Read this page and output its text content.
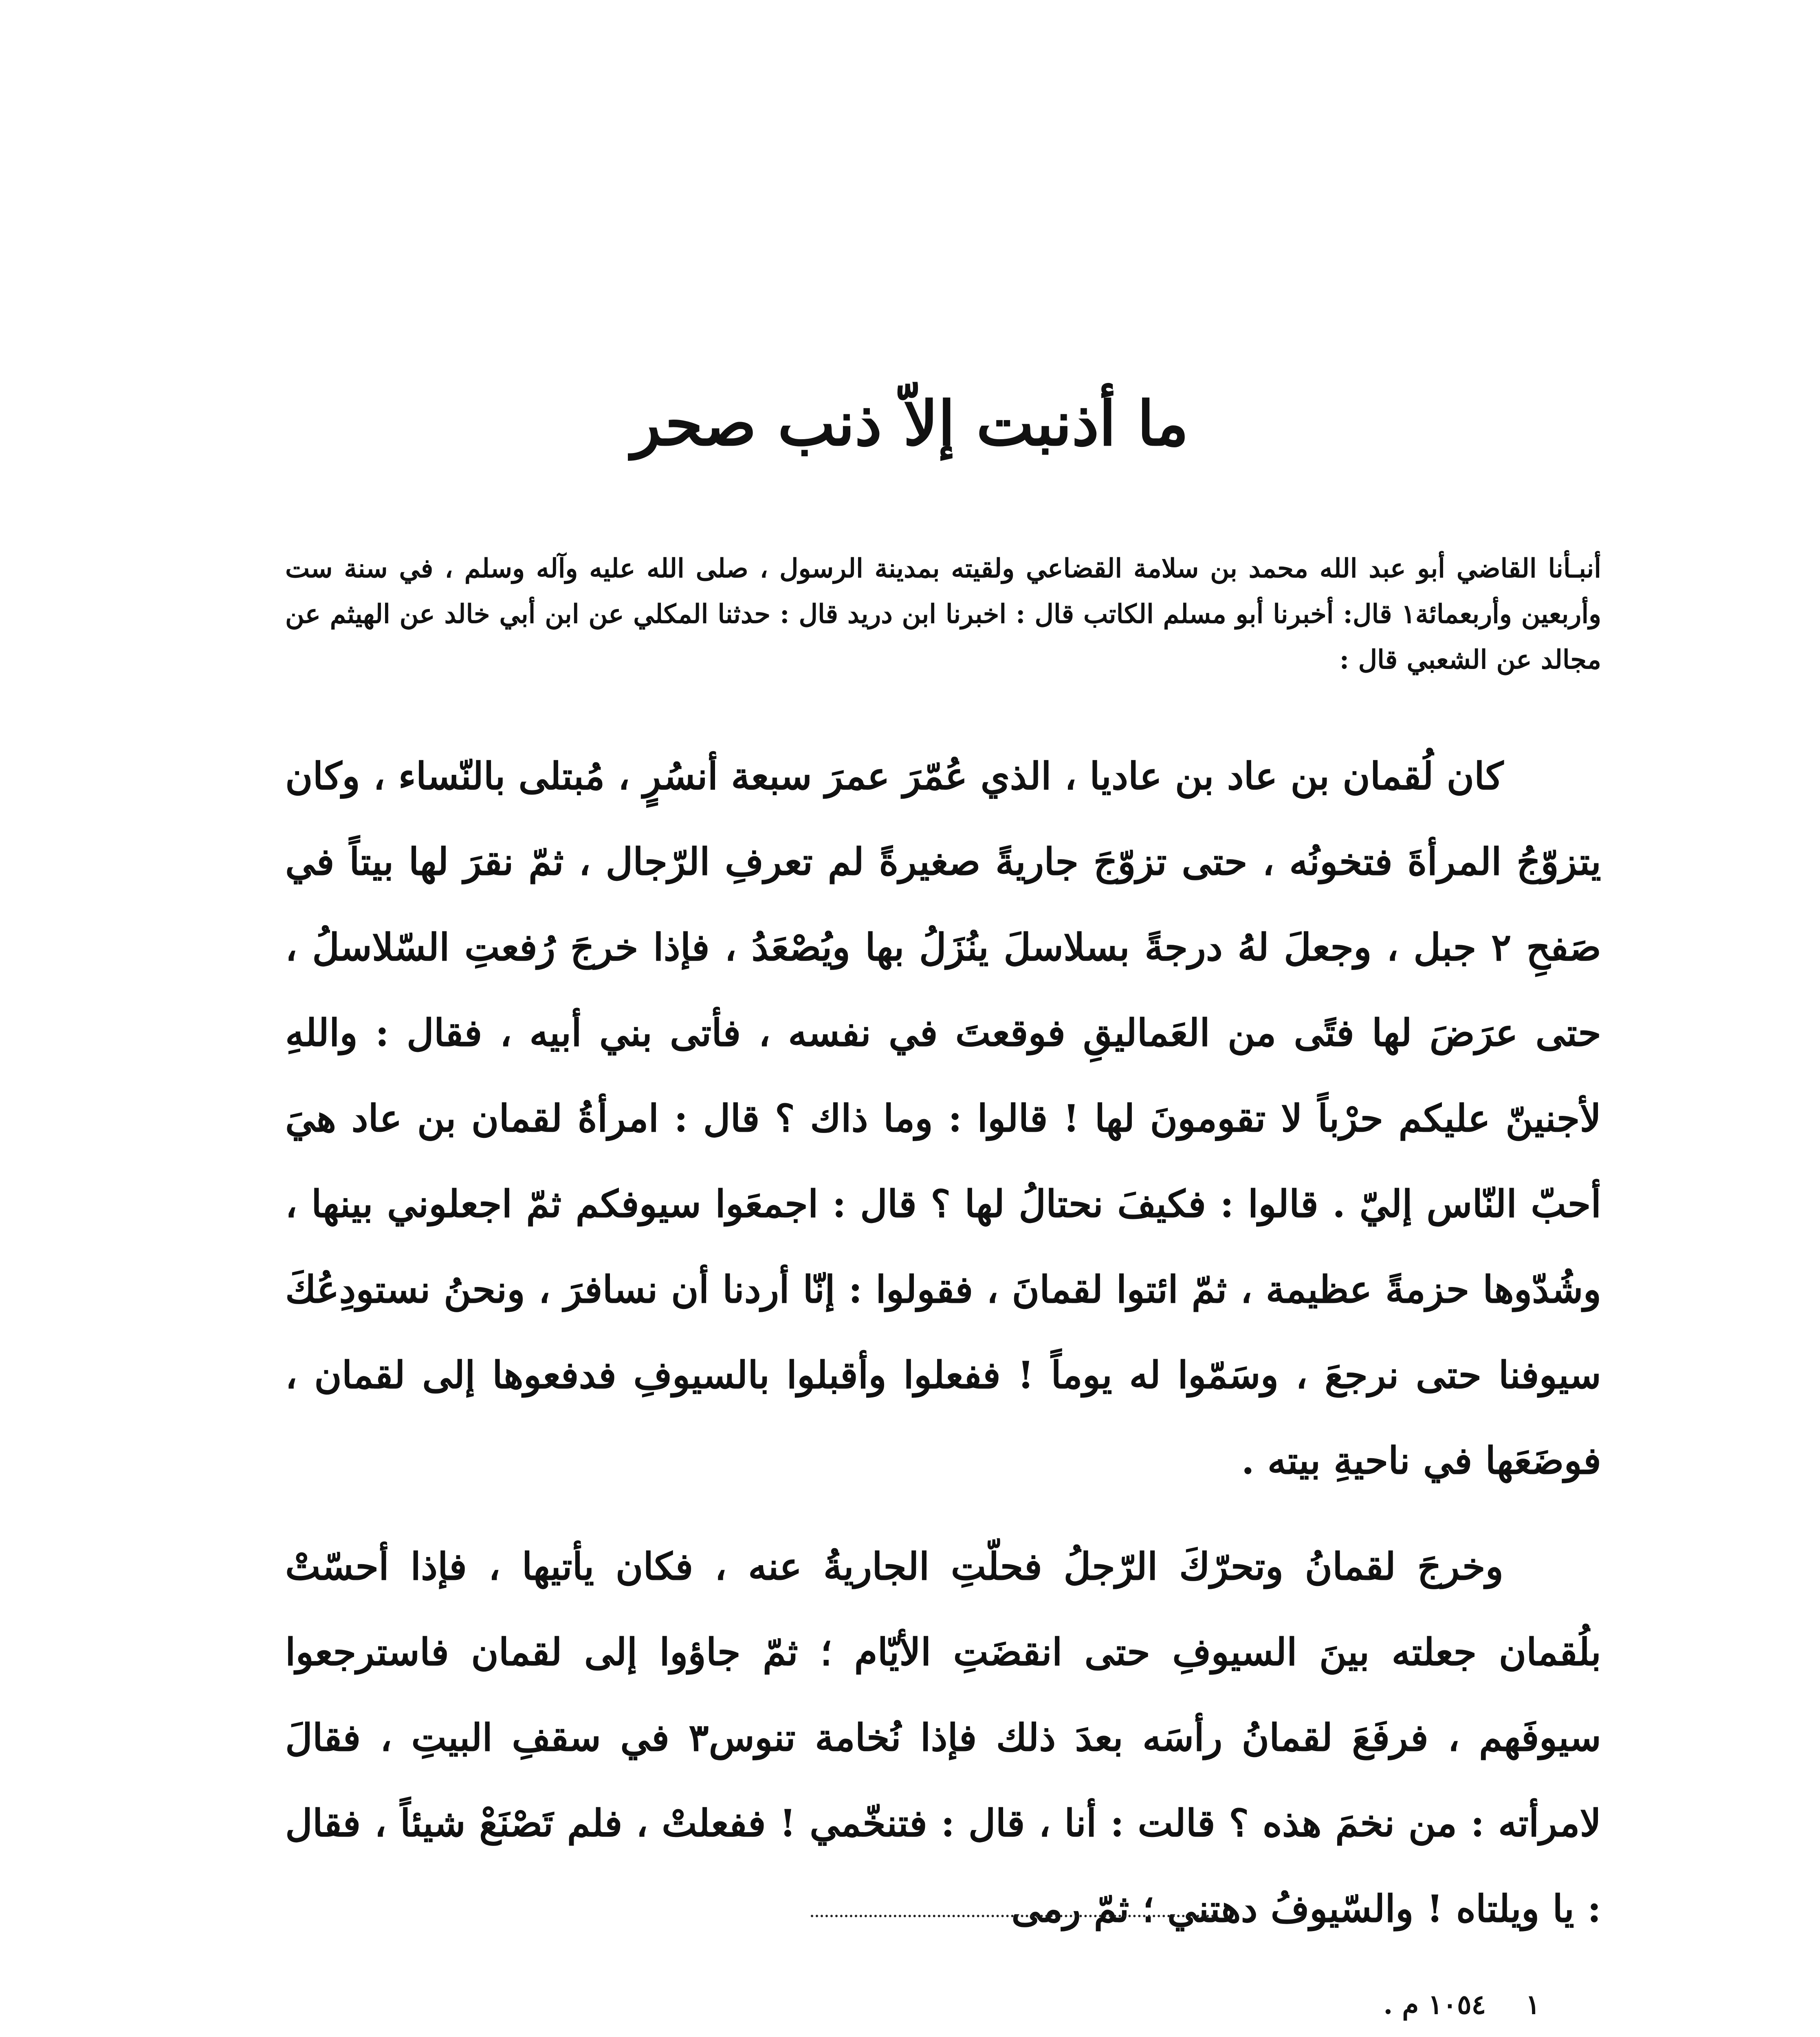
ما أذنبت إلاّ ذنب صحر

أنبـأنا القاضي أبو عبد الله محمد بن سلامة القضاعي ولقيته بمدينة الرسول ، صلى الله عليه وآله وسلم ، في سنة ست وأربعين وأربعمائة١ قال: أخبرنا أبو مسلم الكاتب قال : اخبرنا ابن دريد قال : حدثنا المكلي عن ابن أبي خالد عن الهيثم عن مجالد عن الشعبي قال :

كان لُقمان بن عاد بن عاديا ، الذي عُمّرَ عمرَ سبعة أنسُرٍ ، مُبتلى بالنّساء ، وكان يتزوّجُ المرأةَ فتخونُه ، حتى تزوّجَ جاريةً صغيرةً لم تعرفِ الرّجال ، ثمّ نقرَ لها بيتاً في صَفحِ ٢ جبل ، وجعلَ لهُ درجةً بسلاسلَ ينُزَلُ بها ويُصْعَدُ ، فإذا خرجَ رُفعتِ السّلاسلُ ، حتى عرَضَ لها فتًى من العَماليقِ فوقعتَ في نفسه ، فأتى بني أبيه ، فقال : واللهِ لأجنينّ عليكم حرْباً لا تقومونَ لها ! قالوا : وما ذاك ؟ قال : امرأةُ لقمان بن عاد هيَ أحبّ النّاس إليّ . قالوا : فكيفَ نحتالُ لها ؟ قال : اجمعَوا سيوفكم ثمّ اجعلوني بينها ، وشُدّوها حزمةً عظيمة ، ثمّ ائتوا لقمانَ ، فقولوا : إنّا أردنا أن نسافرَ ، ونحنُ نستودِعُكَ سيوفنا حتى نرجعَ ، وسَمّوا له يوماً ! ففعلوا وأقبلوا بالسيوفِ فدفعوها إلى لقمان ، فوضَعَها في ناحيةِ بيته .

وخرجَ لقمانُ وتحرّكَ الرّجلُ فحلّتِ الجاريةُ عنه ، فكان يأتيها ، فإذا أحسّتْ بلُقمان جعلته بينَ السيوفِ حتى انقضَتِ الأيّام ؛ ثمّ جاؤوا إلى لقمان فاسترجعوا سيوفَهم ، فرفَعَ لقمانُ رأسَه بعدَ ذلك فإذا نُخامة تنوس٣ في سقفِ البيتِ ، فقالَ لامرأته : من نخمَ هذه ؟ قالت : أنا ، قال : فتنخّمي ! ففعلتْ ، فلم تَصْنَعْ شيئاً ، فقال : يا ويلتاه ! والسّيوفُ دهتني ؛ ثمّ رمى

١ ١٠٥٤ م .
